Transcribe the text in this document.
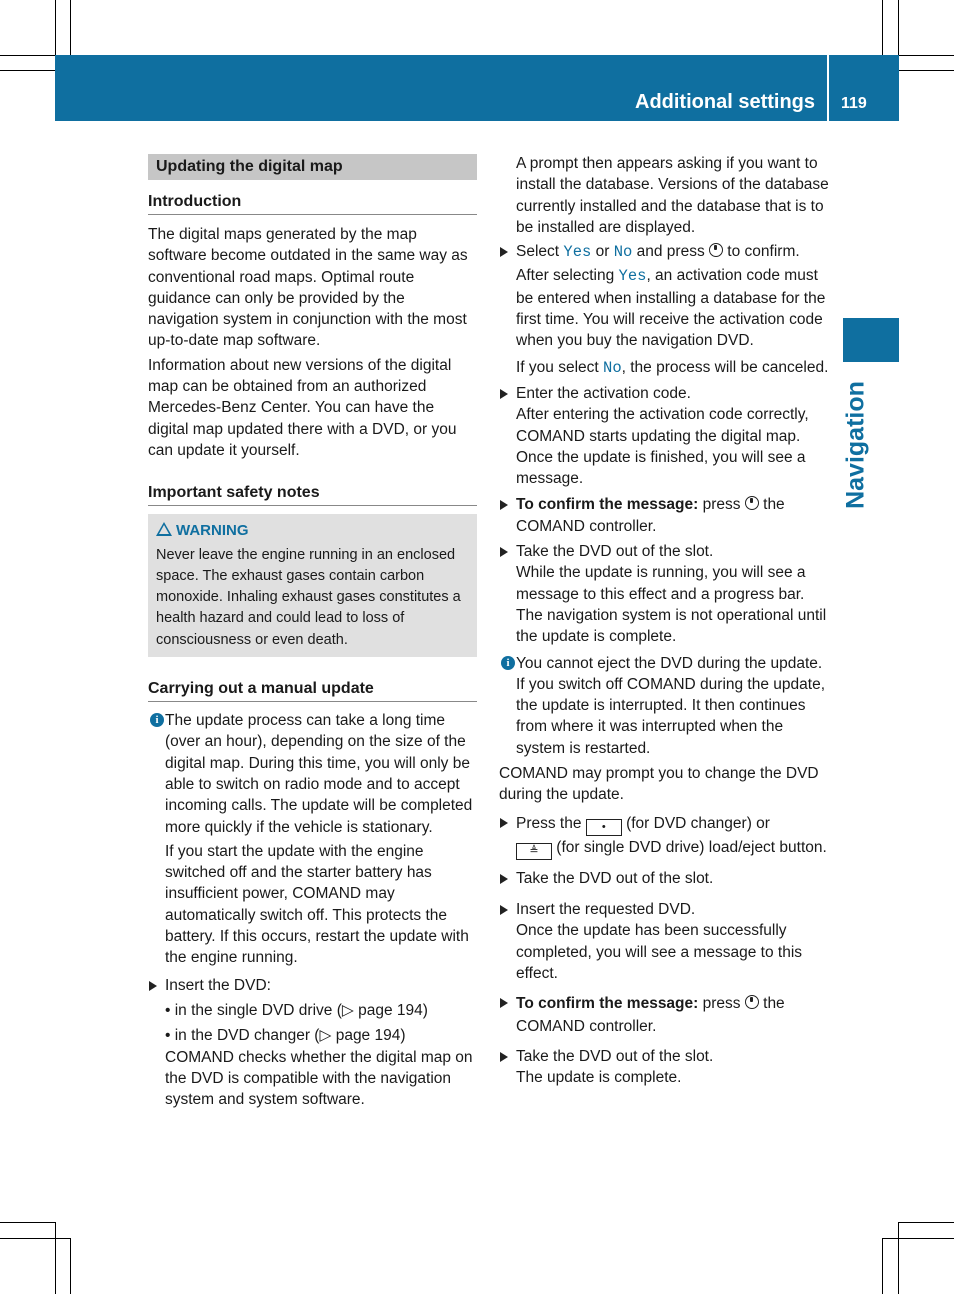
Additional settings 119
Navigation
Updating the digital map
Introduction

The digital maps generated by the map software become outdated in the same way as conventional road maps. Optimal route guidance can only be provided by the navigation system in conjunction with the most up-to-date map software.

Information about new versions of the digital map can be obtained from an authorized Mercedes-Benz Center. You can have the digital map updated there with a DVD, or you can update it yourself.

Important safety notes
WARNING
Never leave the engine running in an enclosed space. The exhaust gases contain carbon monoxide. Inhaling exhaust gases constitutes a health hazard and could lead to loss of consciousness or even death.
Carrying out a manual update

i The update process can take a long time (over an hour), depending on the size of the digital map. During this time, you will only be able to switch on radio mode and to accept incoming calls. The update will be completed more quickly if the vehicle is stationary.

If you start the update with the engine switched off and the starter battery has insufficient power, COMAND may automatically switch off. This protects the battery. If this occurs, restart the update with the engine running.

Insert the DVD:

• in the single DVD drive (▷ page 194)

• in the DVD changer (▷ page 194)

COMAND checks whether the digital map on the DVD is compatible with the navigation system and system software.

A prompt then appears asking if you want to install the database. Versions of the database currently installed and the database that is to be installed are displayed.

Select Yes or No and press  to confirm.

After selecting Yes, an activation code must be entered when installing a database for the first time. You will receive the activation code when you buy the navigation DVD.

If you select No, the process will be canceled.

Enter the activation code.

After entering the activation code correctly, COMAND starts updating the digital map. Once the update is finished, you will see a message.

To confirm the message: press  the COMAND controller.

Take the DVD out of the slot.

While the update is running, you will see a message to this effect and a progress bar. The navigation system is not operational until the update is complete.

i You cannot eject the DVD during the update. If you switch off COMAND during the update, the update is interrupted. It then continues from where it was interrupted when the system is restarted.

COMAND may prompt you to change the DVD during the update.

Press the • (for DVD changer) or
≜ (for single DVD drive) load/eject button.

Take the DVD out of the slot.

Insert the requested DVD.

Once the update has been successfully completed, you will see a message to this effect.

To confirm the message: press  the COMAND controller.

Take the DVD out of the slot.

The update is complete.
